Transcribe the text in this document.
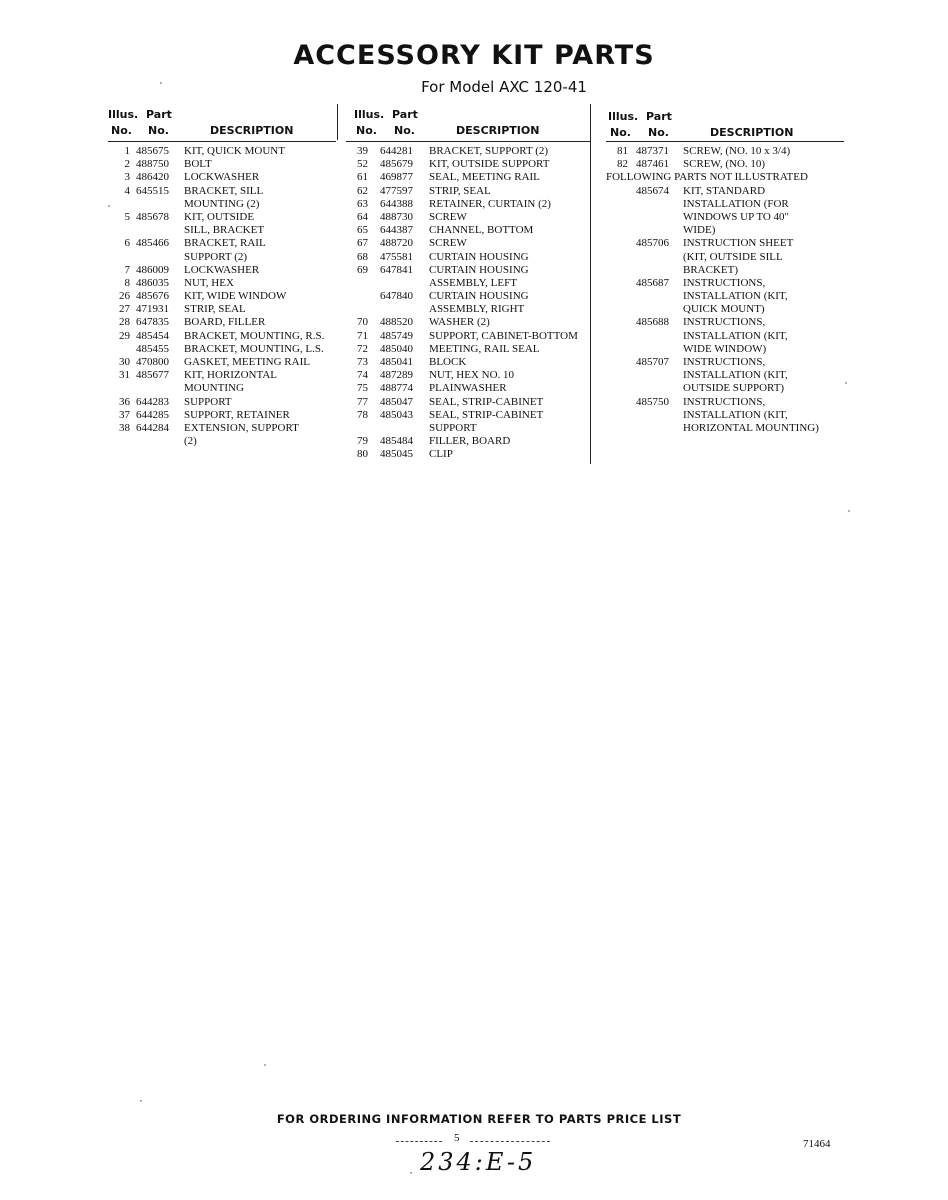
ACCESSORY KIT PARTS
For Model AXC 120-41
Illus. Part
No. No.	DESCRIPTION
1 485675 KIT, QUICK MOUNT
2 488750 BOLT
3 486420 LOCKWASHER
4 645515 BRACKET, SILL
MOUNTING (2)
5 485678 KIT, OUTSIDE
SILL, BRACKET
6 485466 BRACKET, RAIL
SUPPORT (2)
7 486009 LOCKWASHER
8 486035 NUT, HEX
26 485676 KIT, WIDE WINDOW
27 471931 STRIP, SEAL
28 647835 BOARD, FILLER
29 485454 BRACKET, MOUNTING, R.S.
485455 BRACKET, MOUNTING, L.S.
30 470800 GASKET, MEETING RAIL
31 485677 KIT, HORIZONTAL
MOUNTING
36 644283 SUPPORT
37 644285 SUPPORT, RETAINER
38 644284 EXTENSION, SUPPORT
(2)
Illus. Part
No. No.	DESCRIPTION
39 644281 BRACKET, SUPPORT (2)
52 485679 KIT, OUTSIDE SUPPORT
61 469877 SEAL, MEETING RAIL
62 477597 STRIP, SEAL
63 644388 RETAINER, CURTAIN (2)
64 488730 SCREW
65 644387 CHANNEL, BOTTOM
67 488720 SCREW
68 475581 CURTAIN HOUSING
69 647841 CURTAIN HOUSING
ASSEMBLY, LEFT
647840 CURTAIN HOUSING
ASSEMBLY, RIGHT
70 488520 WASHER (2)
71 485749 SUPPORT, CABINET-BOTTOM
72 485040 MEETING, RAIL SEAL
73 485041 BLOCK
74 487289 NUT, HEX NO. 10
75 488774 PLAINWASHER
77 485047 SEAL, STRIP-CABINET
78 485043 SEAL, STRIP-CABINET
SUPPORT
79 485484 FILLER, BOARD
80 485045 CLIP
Illus. Part
No. No.	DESCRIPTION
81 487371 SCREW, (NO. 10 x 3/4)
82 487461 SCREW, (NO. 10)
FOLLOWING PARTS NOT ILLUSTRATED
485674 KIT, STANDARD
INSTALLATION (FOR
WINDOWS UP TO 40"
WIDE)
485706 INSTRUCTION SHEET
(KIT, OUTSIDE SILL
BRACKET)
485687 INSTRUCTIONS,
INSTALLATION (KIT,
QUICK MOUNT)
485688 INSTRUCTIONS,
INSTALLATION (KIT,
WIDE WINDOW)
485707 INSTRUCTIONS,
INSTALLATION (KIT,
OUTSIDE SUPPORT)
485750 INSTRUCTIONS,
INSTALLATION (KIT,
HORIZONTAL MOUNTING)
FOR ORDERING INFORMATION REFER TO PARTS PRICE LIST
5	71464
234:E-5
